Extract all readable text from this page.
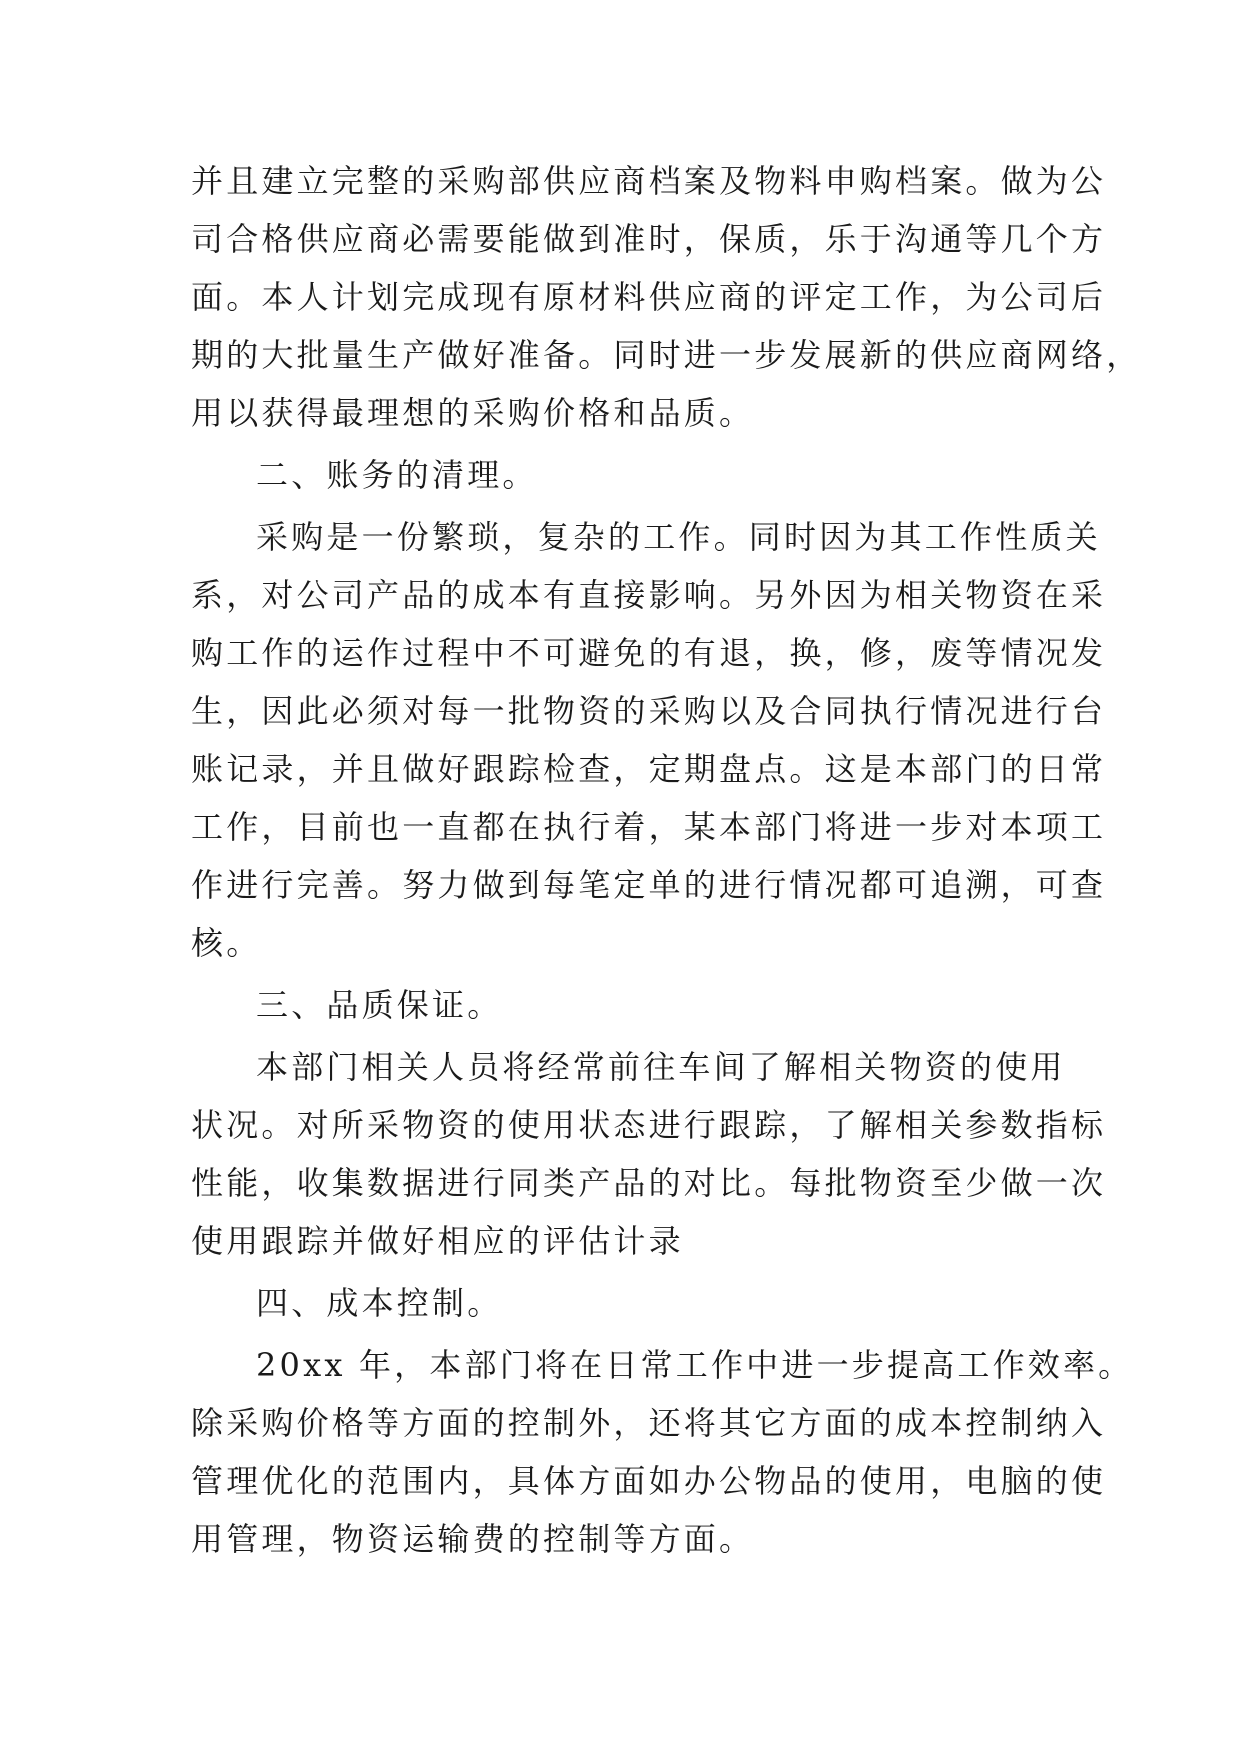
并且建立完整的采购部供应商档案及物料申购档案。做为公
司合格供应商必需要能做到准时，保质，乐于沟通等几个方
面。本人计划完成现有原材料供应商的评定工作，为公司后
期的大批量生产做好准备。同时进一步发展新的供应商网络，
用以获得最理想的采购价格和品质。
二、账务的清理。
采购是一份繁琐，复杂的工作。同时因为其工作性质关
系，对公司产品的成本有直接影响。另外因为相关物资在采
购工作的运作过程中不可避免的有退，换，修，废等情况发
生，因此必须对每一批物资的采购以及合同执行情况进行台
账记录，并且做好跟踪检查，定期盘点。这是本部门的日常
工作，目前也一直都在执行着，某本部门将进一步对本项工
作进行完善。努力做到每笔定单的进行情况都可追溯，可查
核。
三、品质保证。
本部门相关人员将经常前往车间了解相关物资的使用
状况。对所采物资的使用状态进行跟踪，了解相关参数指标
性能，收集数据进行同类产品的对比。每批物资至少做一次
使用跟踪并做好相应的评估计录
四、成本控制。
20xx 年，本部门将在日常工作中进一步提高工作效率。
除采购价格等方面的控制外，还将其它方面的成本控制纳入
管理优化的范围内，具体方面如办公物品的使用，电脑的使
用管理，物资运输费的控制等方面。
